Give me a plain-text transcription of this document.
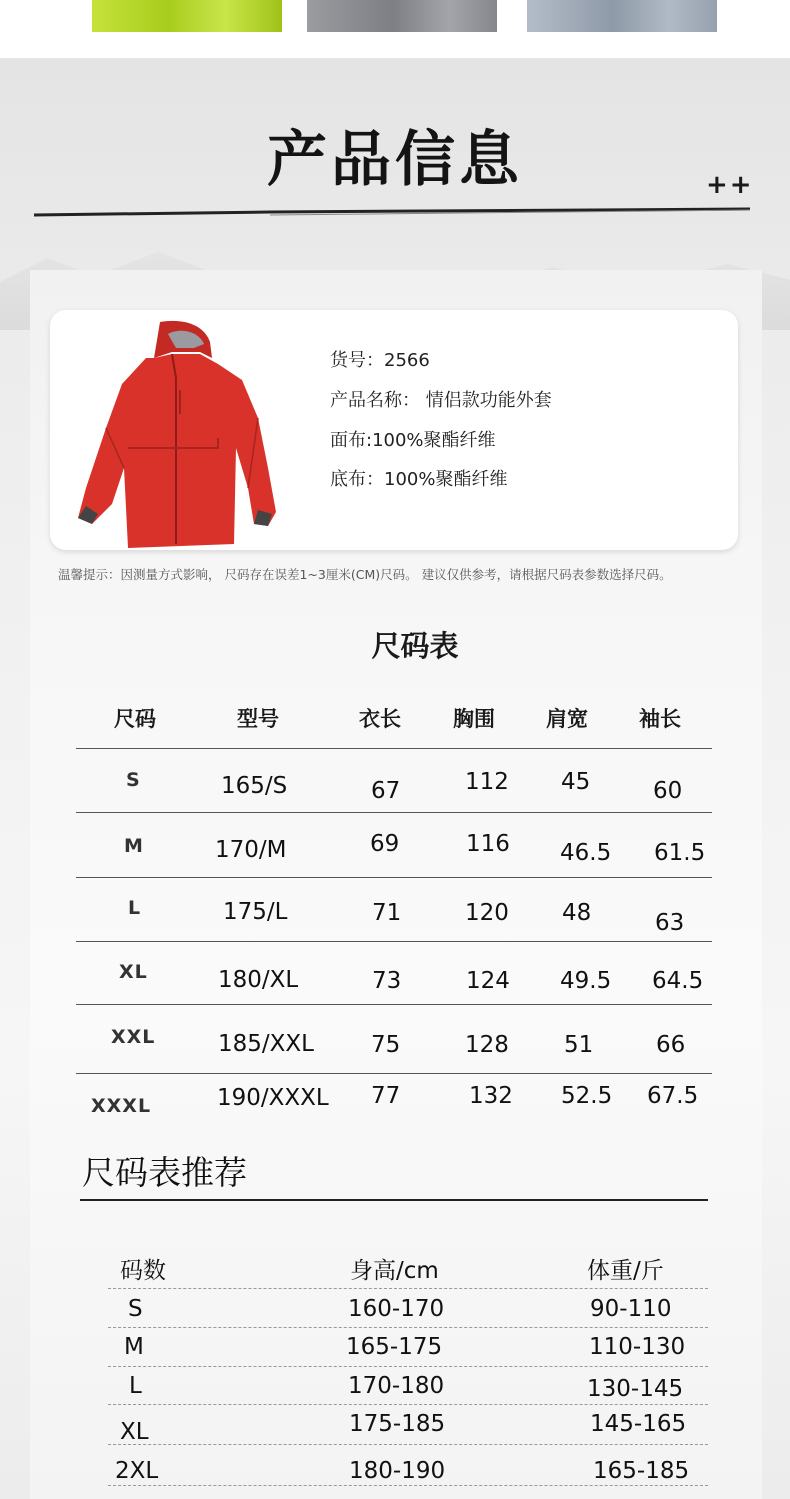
产品信息	++
货号：2566
产品名称： 情侣款功能外套
面布:100%聚酯纤维
底布：100%聚酯纤维
温馨提示：因测量方式影响， 尺码存在误差1~3厘米(CM)尺码。 建议仅供参考，请根据尺码表参数选择尺码。
尺码表
尺码	型号	衣长 胸围 肩宽 袖长
S	165/S	67	112 45	60
M	170/M	69	116 46.5 61.5
L	175/L	71	120 48	63
XL	180/XL	73	124 49.5 64.5
XXL	185/XXL 75	128 51	66
XXXL	190/XXXL 77	132 52.5 67.5
尺码表推荐
码数	身高/cm	体重/斤
S	160-170	90-110
M	165-175	110-130
L	170-180	130-145
XL	175-185	145-165
2XL	180-190	165-185
